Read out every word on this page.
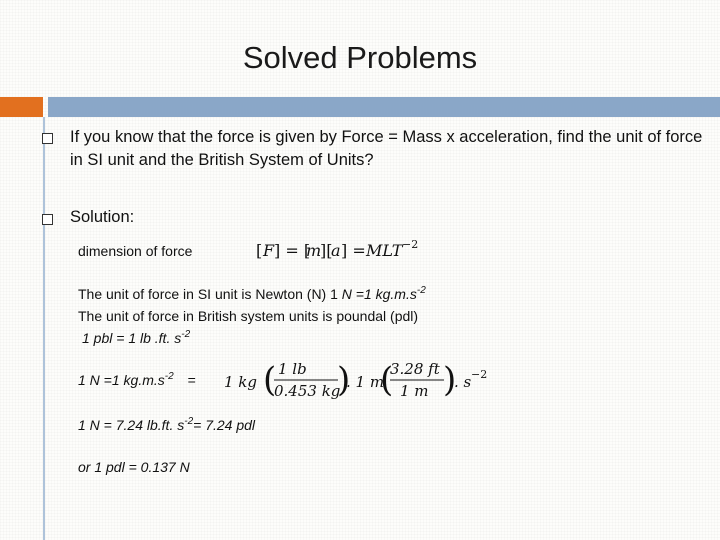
Solved Problems
If you know that the force is given by Force = Mass x acceleration, find the unit of force in SI unit and the British System of Units?
Solution:
dimension of force	[ F ] = [
m
][
a ] = MLT −2
The unit of force in SI unit is Newton (N) 1 N =1 $kg.m.s^{-2}$
The unit of force in British system units is poundal (pdl)
1 pbl = 1 lb .ft. $s^{-2}$
1 N =1 $kg.m.s^{-2} = 1$ kg ( 1 lb
0.453 kg
)
. 1 m
(
3.28 ft
1 m )
. s −2
1 N = 7.24 lb.ft. $s^{-2}= 7.24$ pdl
or 1 pdl = 0.137 N
